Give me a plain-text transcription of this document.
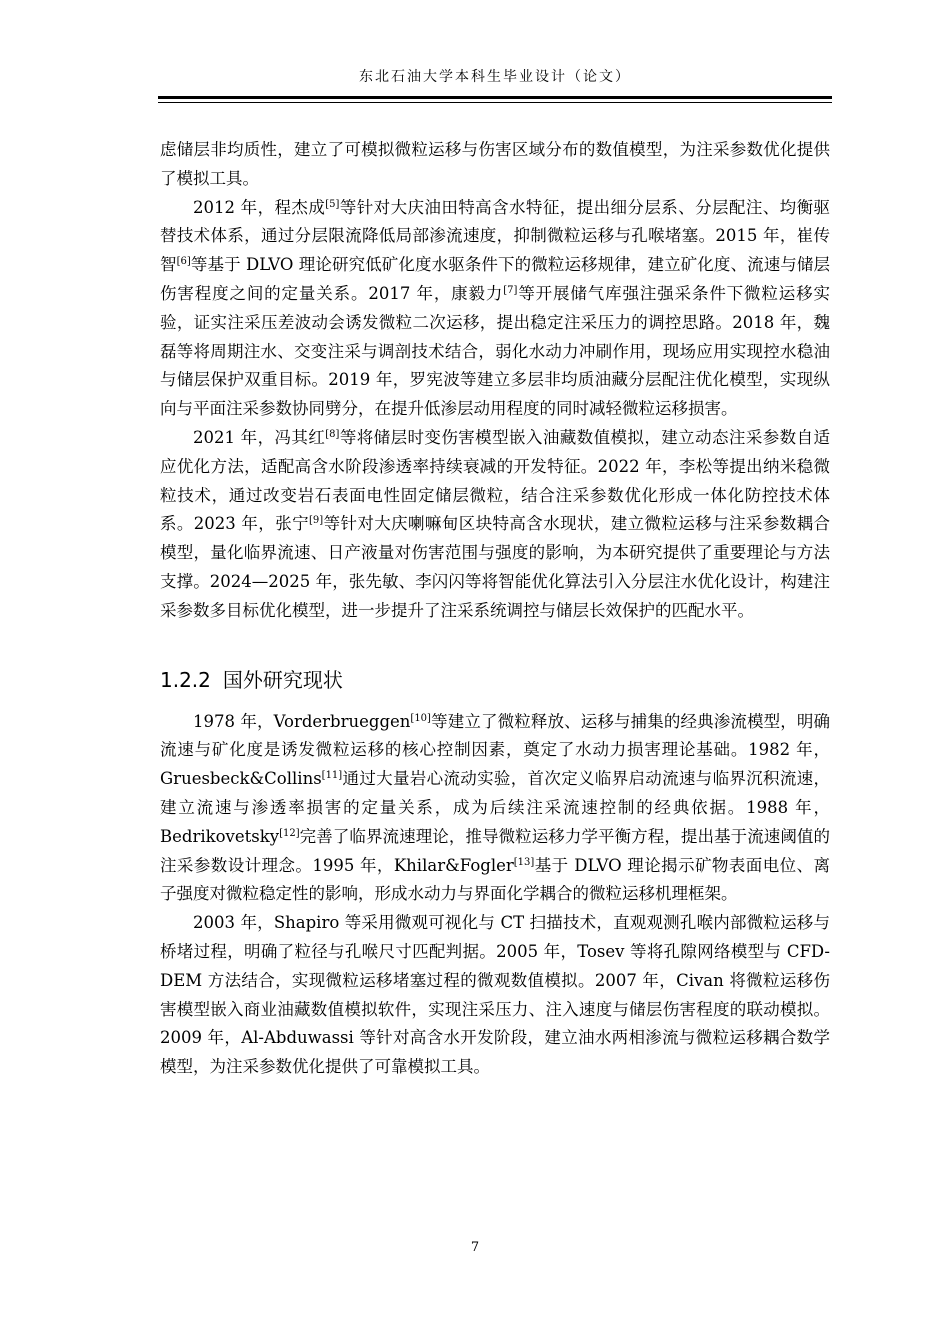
东北石油大学本科生毕业设计（论文）

虑储层非均质性，建立了可模拟微粒运移与伤害区域分布的数值模型，为注采参数优化提供了模拟工具。

2012 年，程杰成[5]等针对大庆油田特高含水特征，提出细分层系、分层配注、均衡驱替技术体系，通过分层限流降低局部渗流速度，抑制微粒运移与孔喉堵塞。2015 年，崔传智[6]等基于 DLVO 理论研究低矿化度水驱条件下的微粒运移规律，建立矿化度、流速与储层伤害程度之间的定量关系。2017 年，康毅力[7]等开展储气库强注强采条件下微粒运移实验，证实注采压差波动会诱发微粒二次运移，提出稳定注采压力的调控思路。2018 年，魏磊等将周期注水、交变注采与调剖技术结合，弱化水动力冲刷作用，现场应用实现控水稳油与储层保护双重目标。2019 年，罗宪波等建立多层非均质油藏分层配注优化模型，实现纵向与平面注采参数协同劈分，在提升低渗层动用程度的同时减轻微粒运移损害。

2021 年，冯其红[8]等将储层时变伤害模型嵌入油藏数值模拟，建立动态注采参数自适应优化方法，适配高含水阶段渗透率持续衰减的开发特征。2022 年，李松等提出纳米稳微粒技术，通过改变岩石表面电性固定储层微粒，结合注采参数优化形成一体化防控技术体系。2023 年，张宁[9]等针对大庆喇嘛甸区块特高含水现状，建立微粒运移与注采参数耦合模型，量化临界流速、日产液量对伤害范围与强度的影响，为本研究提供了重要理论与方法支撑。2024—2025 年，张先敏、李闪闪等将智能优化算法引入分层注水优化设计，构建注采参数多目标优化模型，进一步提升了注采系统调控与储层长效保护的匹配水平。

1.2.2 国外研究现状

1978 年，Vorderbrueggen[10]等建立了微粒释放、运移与捕集的经典渗流模型，明确流速与矿化度是诱发微粒运移的核心控制因素，奠定了水动力损害理论基础。1982 年，Gruesbeck&Collins[11]通过大量岩心流动实验，首次定义临界启动流速与临界沉积流速，建立流速与渗透率损害的定量关系，成为后续注采流速控制的经典依据。1988 年，Bedrikovetsky[12]完善了临界流速理论，推导微粒运移力学平衡方程，提出基于流速阈值的注采参数设计理念。1995 年，Khilar&Fogler[13]基于 DLVO 理论揭示矿物表面电位、离子强度对微粒稳定性的影响，形成水动力与界面化学耦合的微粒运移机理框架。

2003 年，Shapiro 等采用微观可视化与 CT 扫描技术，直观观测孔喉内部微粒运移与桥堵过程，明确了粒径与孔喉尺寸匹配判据。2005 年，Tosev 等将孔隙网络模型与 CFD-DEM 方法结合，实现微粒运移堵塞过程的微观数值模拟。2007 年，Civan 将微粒运移伤害模型嵌入商业油藏数值模拟软件，实现注采压力、注入速度与储层伤害程度的联动模拟。2009 年，Al-Abduwassi 等针对高含水开发阶段，建立油水两相渗流与微粒运移耦合数学模型，为注采参数优化提供了可靠模拟工具。

7
